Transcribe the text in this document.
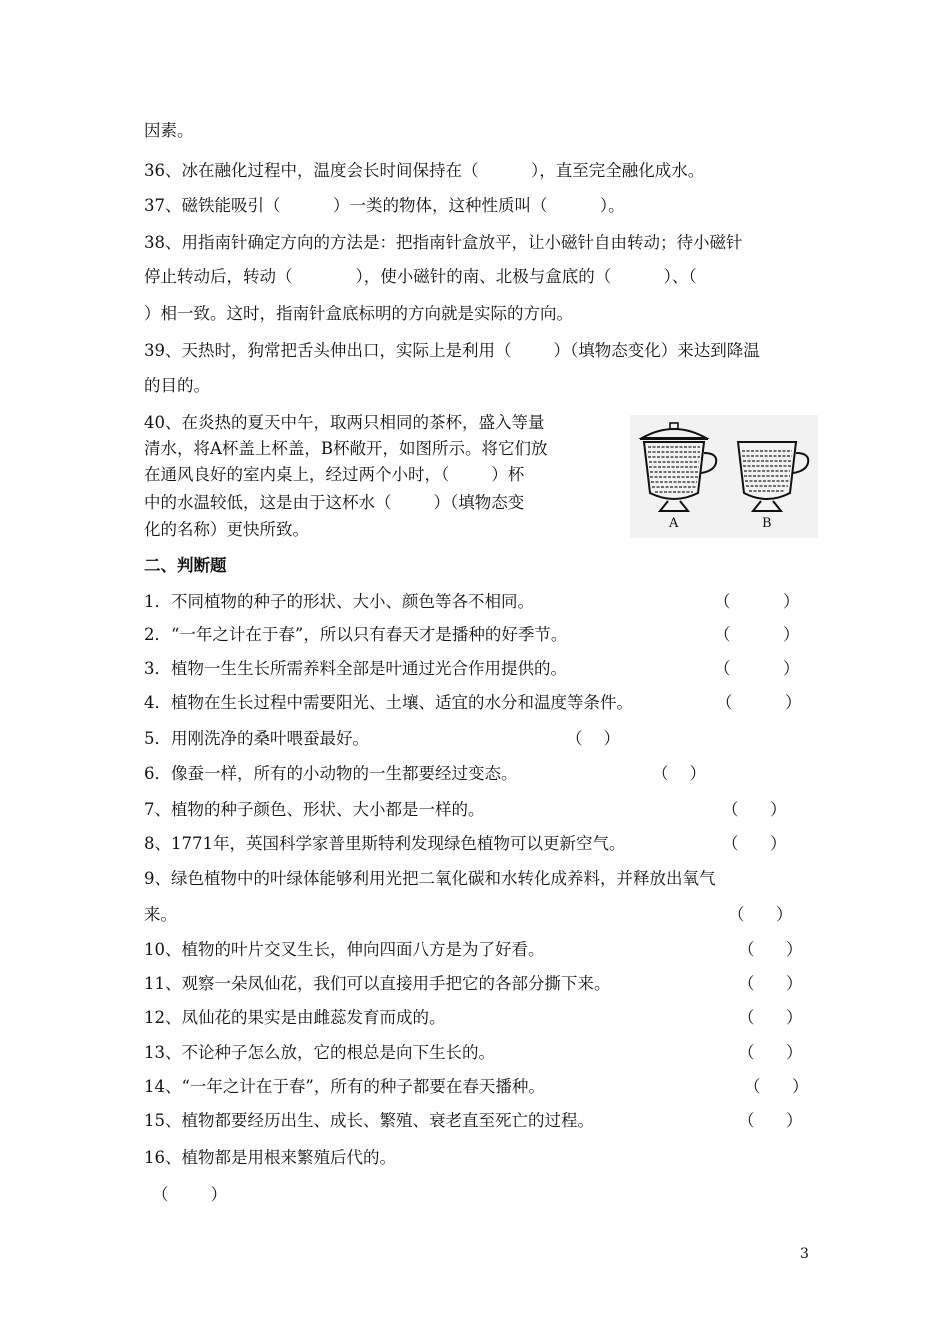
因素。
36、冰在融化过程中，温度会长时间保持在（          ），直至完全融化成水。
37、磁铁能吸引（          ）一类的物体，这种性质叫（          ）。
38、用指南针确定方向的方法是：把指南针盒放平，让小磁针自由转动；待小磁针
停止转动后，转动（            ），使小磁针的南、北极与盒底的（          ）、（
）相一致。这时，指南针盒底标明的方向就是实际的方向。
39、天热时，狗常把舌头伸出口，实际上是利用（        ）（填物态变化）来达到降温
的目的。
40、在炎热的夏天中午，取两只相同的茶杯，盛入等量
清水，将A杯盖上杯盖，B杯敞开，如图所示。将它们放
在通风良好的室内桌上，经过两个小时，（        ）杯
中的水温较低，这是由于这杯水（        ）（填物态变
化的名称）更快所致。	A	B
二、判断题
1．不同植物的种子的形状、大小、颜色等各不相同。	（          ）
2．“一年之计在于春”，所以只有春天才是播种的好季节。	（          ）
3．植物一生生长所需养料全部是叶通过光合作用提供的。	（          ）
4．植物在生长过程中需要阳光、土壤、适宜的水分和温度等条件。	（          ）
5．用刚洗净的桑叶喂蚕最好。	（    ）
6．像蚕一样，所有的小动物的一生都要经过变态。	（    ）
7、植物的种子颜色、形状、大小都是一样的。	（      ）
8、1771年，英国科学家普里斯特利发现绿色植物可以更新空气。	（      ）
9、绿色植物中的叶绿体能够利用光把二氧化碳和水转化成养料，并释放出氧气
来。	（      ）
10、植物的叶片交叉生长，伸向四面八方是为了好看。	（      ）
11、观察一朵凤仙花，我们可以直接用手把它的各部分撕下来。	（      ）
12、凤仙花的果实是由雌蕊发育而成的。	（      ）
13、不论种子怎么放，它的根总是向下生长的。	（      ）
14、“一年之计在于春”，所有的种子都要在春天播种。	（      ）
15、植物都要经历出生、成长、繁殖、衰老直至死亡的过程。	（      ）
16、植物都是用根来繁殖后代的。
（        ）
3
